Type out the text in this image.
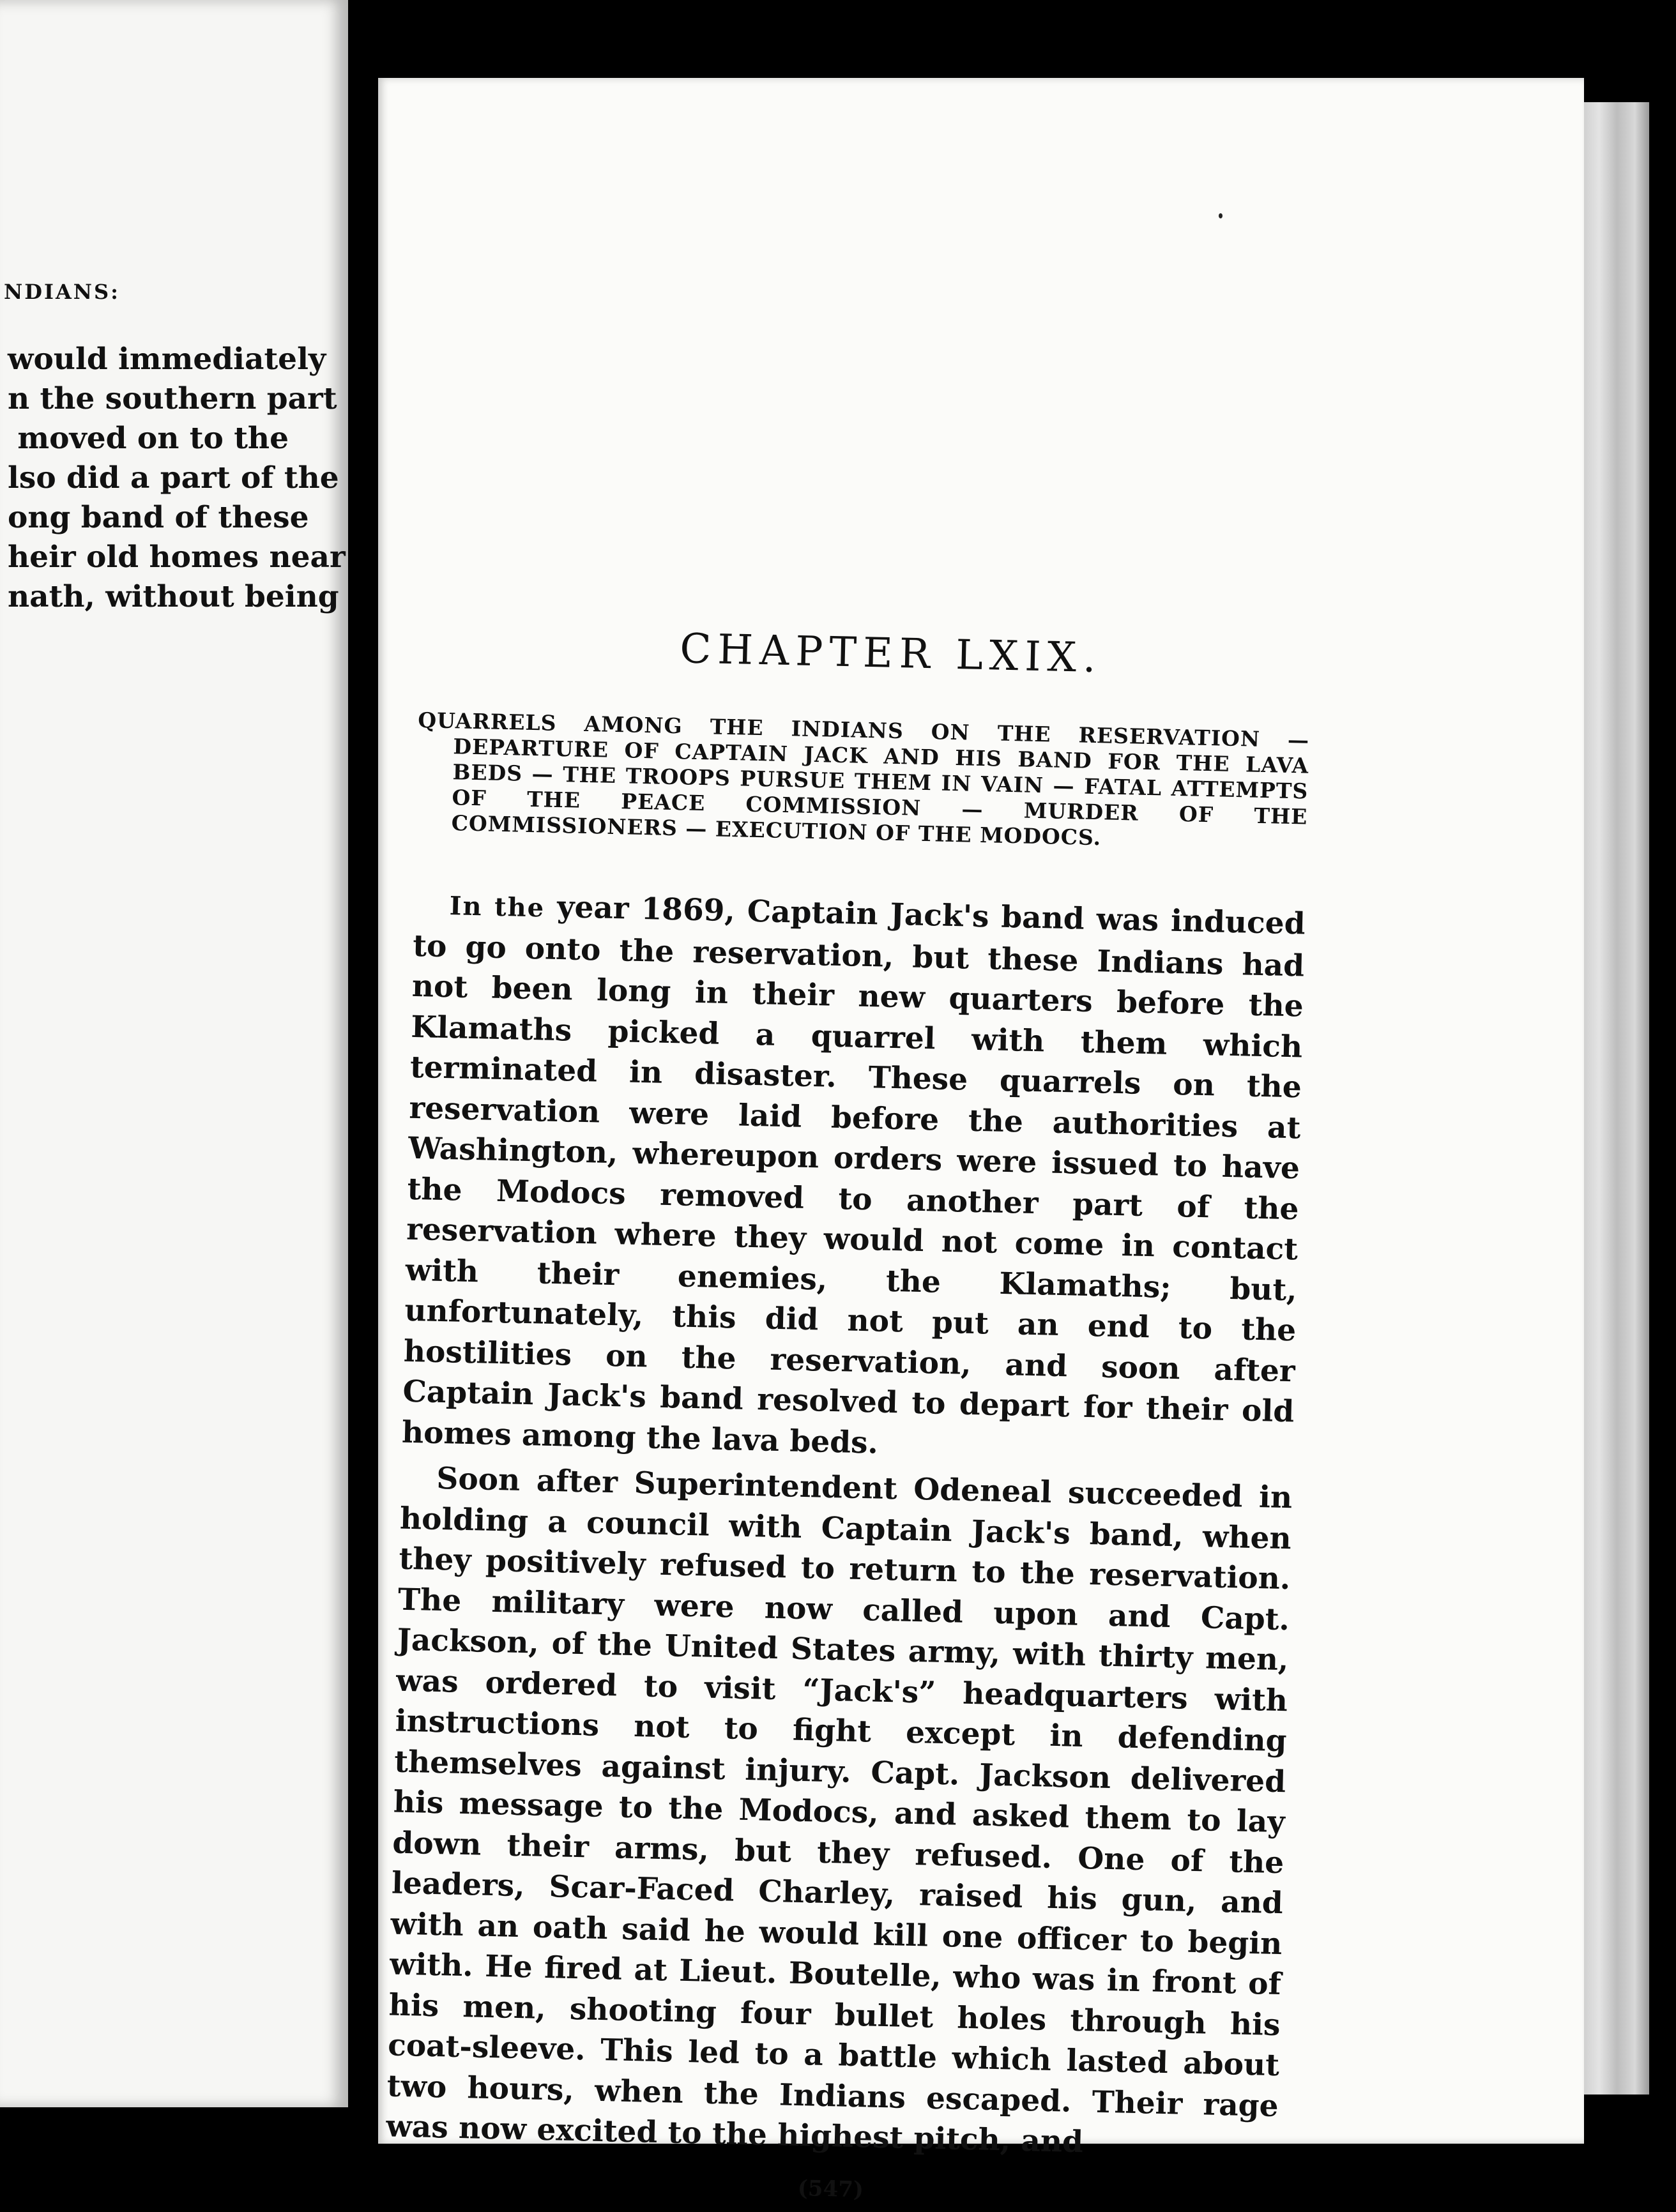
NDIANS:
would immediately
n the southern part
moved on to the
lso did a part of the
ong band of these
heir old homes near
nath, without being
CHAPTER LXIX.
QUARRELS AMONG THE INDIANS ON THE RESERVATION — DEPARTURE OF CAPTAIN JACK AND HIS BAND FOR THE LAVA BEDS — THE TROOPS PURSUE THEM IN VAIN — FATAL ATTEMPTS OF THE PEACE COMMISSION — MURDER OF THE COMMISSIONERS — EXECUTION OF THE MODOCS.

In the year 1869, Captain Jack's band was induced to go onto the reservation, but these Indians had not been long in their new quarters before the Klamaths picked a quarrel with them which terminated in disaster. These quarrels on the reservation were laid before the authorities at Washington, whereupon orders were issued to have the Modocs removed to another part of the reservation where they would not come in contact with their enemies, the Klamaths; but, unfortunately, this did not put an end to the hostilities on the reservation, and soon after Captain Jack's band resolved to depart for their old homes among the lava beds.

Soon after Superintendent Odeneal succeeded in holding a council with Captain Jack's band, when they positively refused to return to the reservation. The military were now called upon and Capt. Jackson, of the United States army, with thirty men, was ordered to visit “Jack's” headquarters with instructions not to fight except in defending themselves against injury. Capt. Jackson delivered his message to the Modocs, and asked them to lay down their arms, but they refused. One of the leaders, Scar-Faced Charley, raised his gun, and with an oath said he would kill one officer to begin with. He fired at Lieut. Boutelle, who was in front of his men, shooting four bullet holes through his coat-sleeve. This led to a battle which lasted about two hours, when the Indians escaped. Their rage was now excited to the highest pitch, and

(547)
